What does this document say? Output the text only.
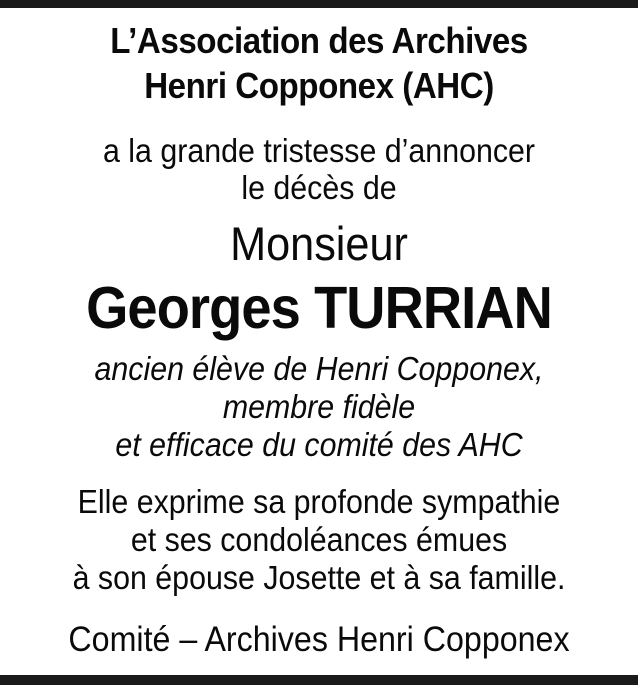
L’Association des Archives
Henri Copponex (AHC)
a la grande tristesse d’annoncer
le décès de
Monsieur
Georges TURRIAN
ancien élève de Henri Copponex,
membre fidèle
et efficace du comité des AHC
Elle exprime sa profonde sympathie
et ses condoléances émues
à son épouse Josette et à sa famille.
Comité – Archives Henri Copponex
